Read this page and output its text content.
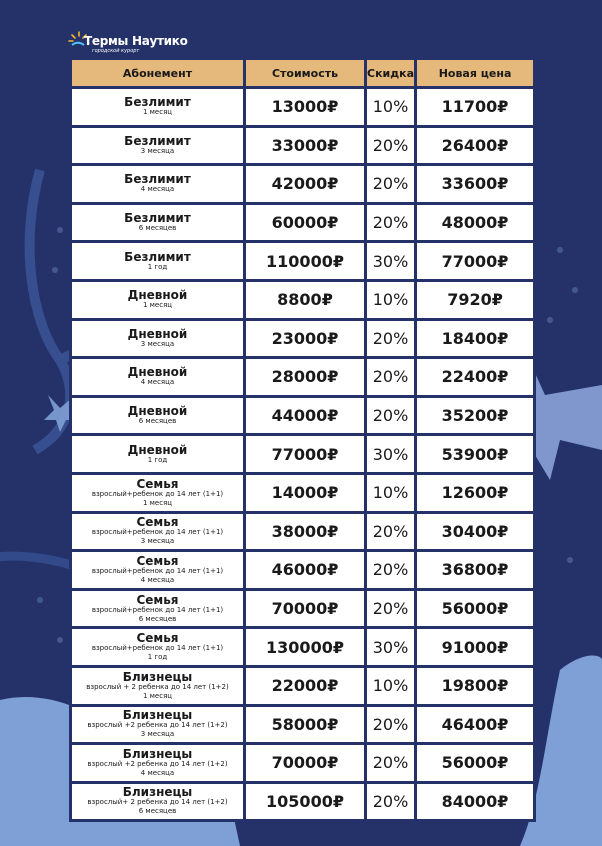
Термы Наутико

городской курорт

Абонемент	Стоимость	Скидка	Новая цена

Безлимит
1 месяц	13000₽	10%	11700₽

Безлимит
3 месяца	33000₽	20%	26400₽

Безлимит
4 месяца	42000₽	20%	33600₽

Безлимит
6 месяцев	60000₽	20%	48000₽

Безлимит
1 год	110000₽	30%	77000₽

Дневной
1 месяц	8800₽	10%	7920₽

Дневной
3 месяца	23000₽	20%	18400₽

Дневной
4 месяца	28000₽	20%	22400₽

Дневной
6 месяцев	44000₽	20%	35200₽

Дневной
1 год	77000₽	30%	53900₽

Семья
взрослый+ребенок до 14 лет (1+1)
1 месяц	14000₽	10%	12600₽

Семья
взрослый+ребенок до 14 лет (1+1)
3 месяца	38000₽	20%	30400₽

Семья
взрослый+ребенок до 14 лет (1+1)
4 месяца	46000₽	20%	36800₽

Семья
взрослый+ребенок до 14 лет (1+1)
6 месяцев	70000₽	20%	56000₽

Семья
взрослый+ребенок до 14 лет (1+1)
1 год	130000₽	30%	91000₽

Близнецы
взрослый + 2 ребенка до 14 лет (1+2)
1 месяц	22000₽	10%	19800₽

Близнецы
взрослый +2 ребенка до 14 лет (1+2)
3 месяца	58000₽	20%	46400₽

Близнецы
взрослый +2 ребенка до 14 лет (1+2)
4 месяца	70000₽	20%	56000₽

Близнецы
взрослый+ 2 ребенка до 14 лет (1+2)
6 месяцев	105000₽	20%	84000₽
